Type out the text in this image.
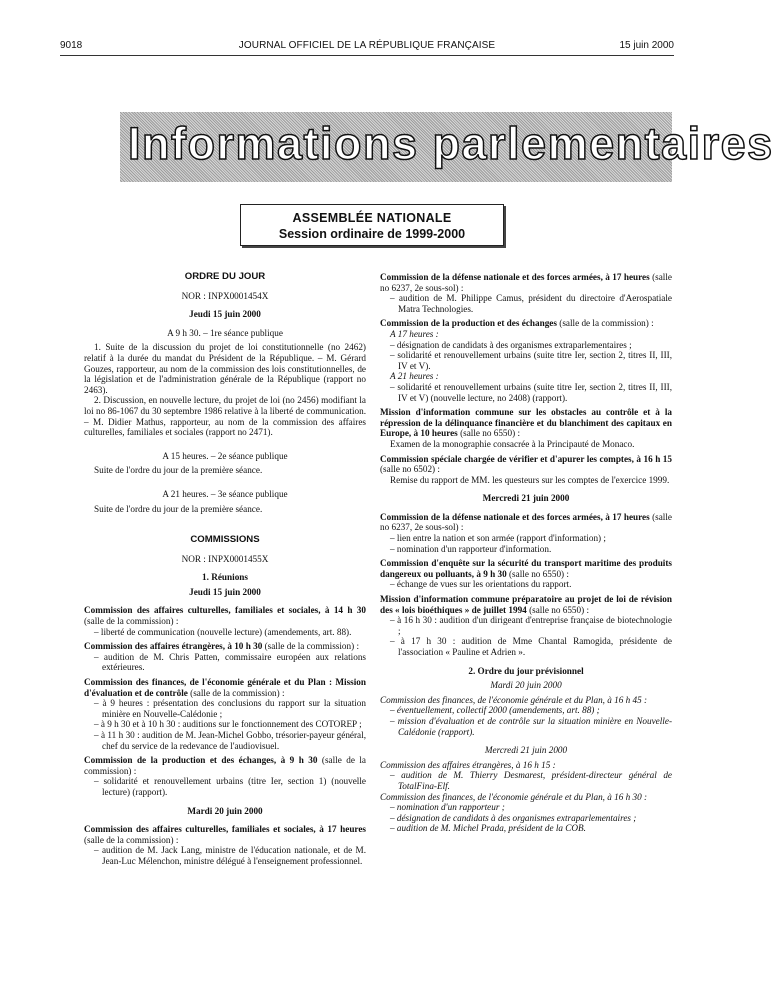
9018	JOURNAL OFFICIEL DE LA RÉPUBLIQUE FRANÇAISE	15 juin 2000
Informations parlementaires
ASSEMBLÉE NATIONALE
Session ordinaire de 1999-2000
ORDRE DU JOUR
NOR : INPX0001454X
Jeudi 15 juin 2000
A 9 h 30. – 1re séance publique

1. Suite de la discussion du projet de loi constitutionnelle (no 2462) relatif à la durée du mandat du Président de la République. – M. Gérard Gouzes, rapporteur, au nom de la commission des lois constitutionnelles, de la législation et de l'administration générale de la République (rapport no 2463).

2. Discussion, en nouvelle lecture, du projet de loi (no 2456) modifiant la loi no 86-1067 du 30 septembre 1986 relative à la liberté de communication. – M. Didier Mathus, rapporteur, au nom de la commission des affaires culturelles, familiales et sociales (rapport no 2471).

A 15 heures. – 2e séance publique

Suite de l'ordre du jour de la première séance.

A 21 heures. – 3e séance publique

Suite de l'ordre du jour de la première séance.

COMMISSIONS
NOR : INPX0001455X
1. Réunions
Jeudi 15 juin 2000

Commission des affaires culturelles, familiales et sociales, à 14 h 30 (salle de la commission) :

– liberté de communication (nouvelle lecture) (amendements, art. 88).

Commission des affaires étrangères, à 10 h 30 (salle de la commission) :

– audition de M. Chris Patten, commissaire européen aux relations extérieures.

Commission des finances, de l'économie générale et du Plan : Mission d'évaluation et de contrôle (salle de la commission) :

– à 9 heures : présentation des conclusions du rapport sur la situation minière en Nouvelle-Calédonie ;

– à 9 h 30 et à 10 h 30 : auditions sur le fonctionnement des COTOREP ;

– à 11 h 30 : audition de M. Jean-Michel Gobbo, trésorier-payeur général, chef du service de la redevance de l'audiovisuel.

Commission de la production et des échanges, à 9 h 30 (salle de la commission) :

– solidarité et renouvellement urbains (titre Ier, section 1) (nouvelle lecture) (rapport).

Mardi 20 juin 2000

Commission des affaires culturelles, familiales et sociales, à 17 heures (salle de la commission) :

– audition de M. Jack Lang, ministre de l'éducation nationale, et de M. Jean-Luc Mélenchon, ministre délégué à l'enseignement professionnel.

Commission de la défense nationale et des forces armées, à 17 heures (salle no 6237, 2e sous-sol) :

– audition de M. Philippe Camus, président du directoire d'Aerospatiale Matra Technologies.

Commission de la production et des échanges (salle de la commission) :

A 17 heures :

– désignation de candidats à des organismes extraparlementaires ;

– solidarité et renouvellement urbains (suite titre Ier, section 2, titres II, III, IV et V).

A 21 heures :

– solidarité et renouvellement urbains (suite titre Ier, section 2, titres II, III, IV et V) (nouvelle lecture, no 2408) (rapport).

Mission d'information commune sur les obstacles au contrôle et à la répression de la délinquance financière et du blanchiment des capitaux en Europe, à 10 heures (salle no 6550) :

Examen de la monographie consacrée à la Principauté de Monaco.

Commission spéciale chargée de vérifier et d'apurer les comptes, à 16 h 15 (salle no 6502) :

Remise du rapport de MM. les questeurs sur les comptes de l'exercice 1999.

Mercredi 21 juin 2000

Commission de la défense nationale et des forces armées, à 17 heures (salle no 6237, 2e sous-sol) :

– lien entre la nation et son armée (rapport d'information) ;

– nomination d'un rapporteur d'information.

Commission d'enquête sur la sécurité du transport maritime des produits dangereux ou polluants, à 9 h 30 (salle no 6550) :

– échange de vues sur les orientations du rapport.

Mission d'information commune préparatoire au projet de loi de révision des « lois bioéthiques » de juillet 1994 (salle no 6550) :

– à 16 h 30 : audition d'un dirigeant d'entreprise française de biotechnologie ;

– à 17 h 30 : audition de Mme Chantal Ramogida, présidente de l'association « Pauline et Adrien ».

2. Ordre du jour prévisionnel
Mardi 20 juin 2000

Commission des finances, de l'économie générale et du Plan, à 16 h 45 :

– éventuellement, collectif 2000 (amendements, art. 88) ;

– mission d'évaluation et de contrôle sur la situation minière en Nouvelle-Calédonie (rapport).

Mercredi 21 juin 2000

Commission des affaires étrangères, à 16 h 15 :

– audition de M. Thierry Desmarest, président-directeur général de TotalFina-Elf.

Commission des finances, de l'économie générale et du Plan, à 16 h 30 :

– nomination d'un rapporteur ;

– désignation de candidats à des organismes extraparlementaires ;

– audition de M. Michel Prada, président de la COB.
